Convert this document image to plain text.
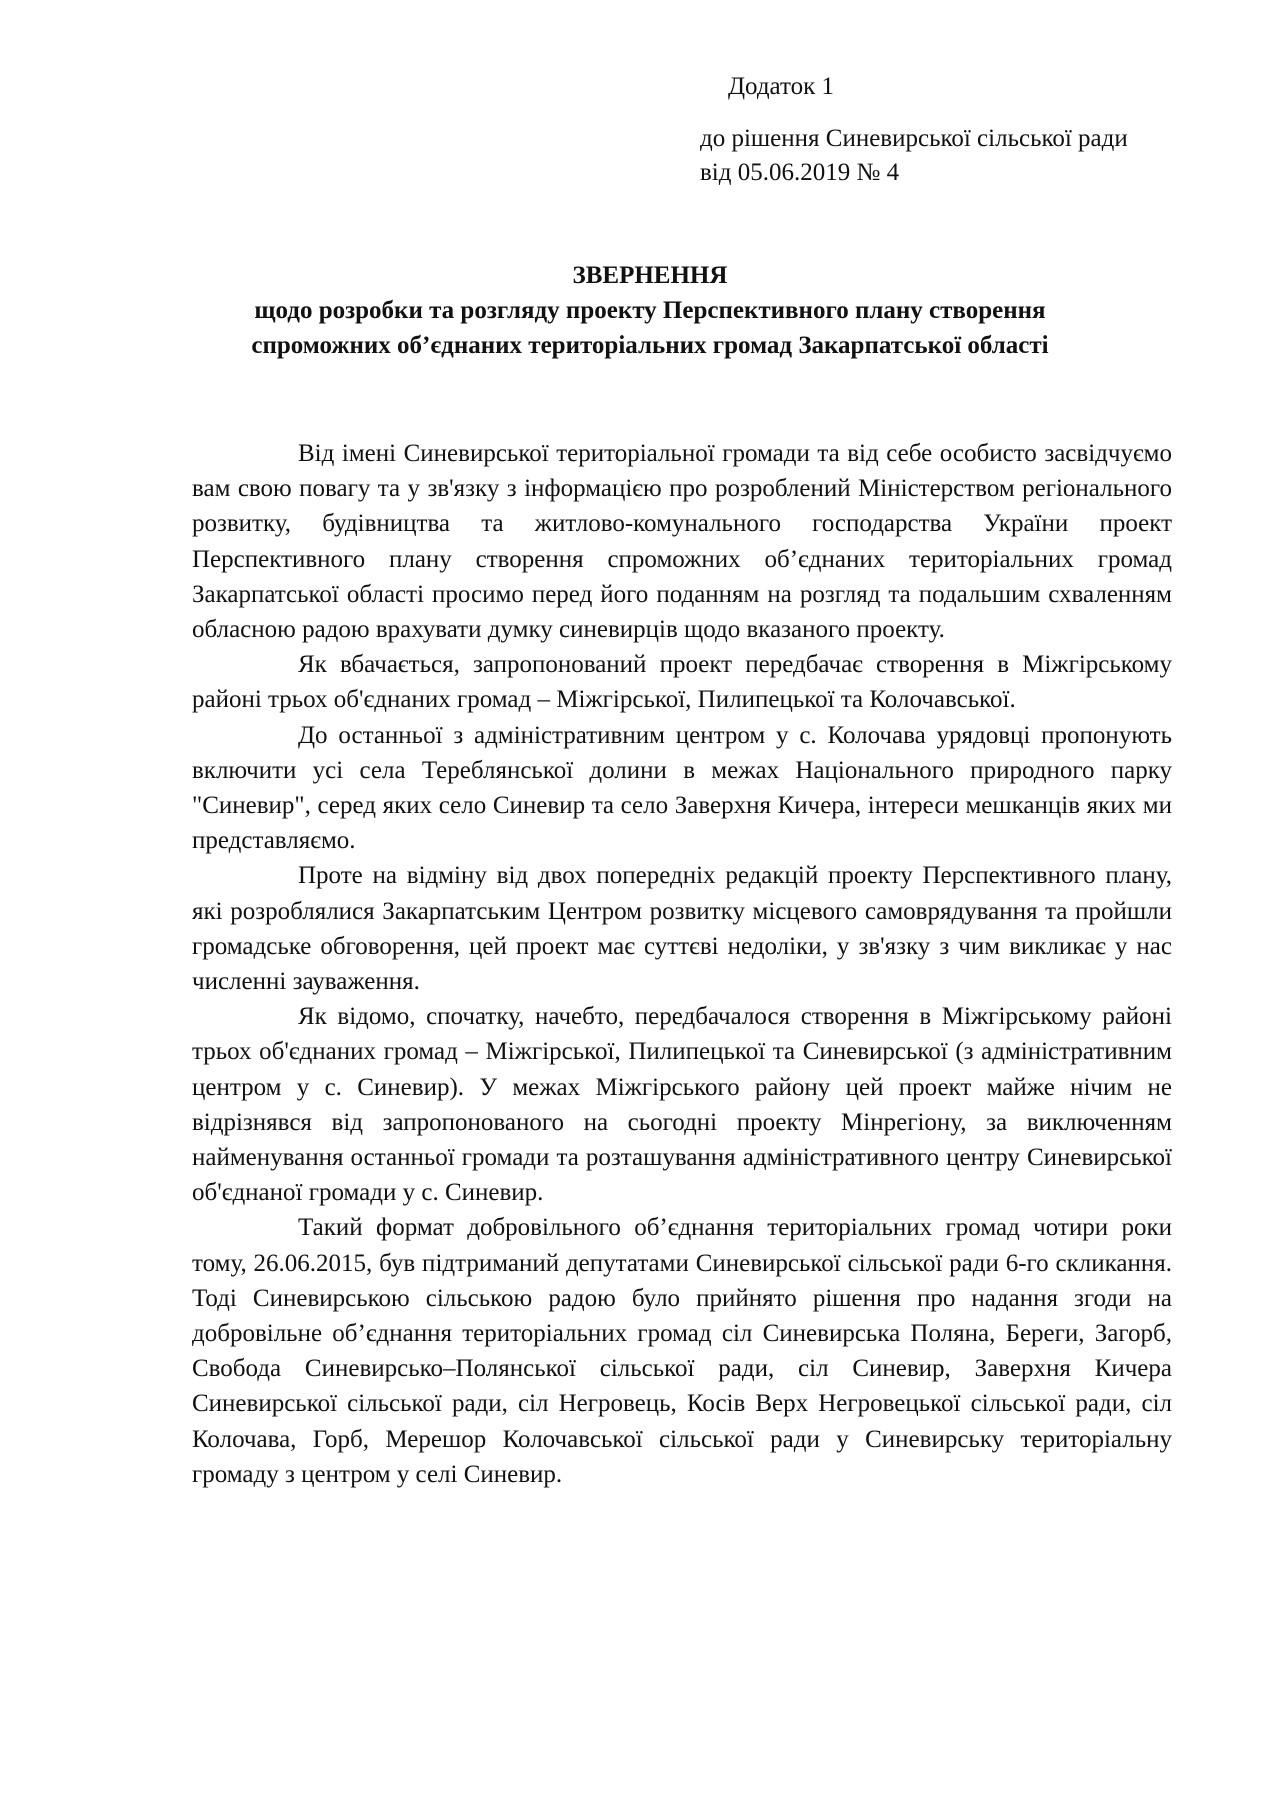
Додаток 1

до рішення Синевирської сільської ради

від 05.06.2019 № 4

ЗВЕРНЕННЯ

щодо розробки та розгляду проекту Перспективного плану створення

спроможних об’єднаних територіальних громад Закарпатської області

Від імені Синевирської територіальної громади та від себе особисто засвідчуємо вам свою повагу та у зв'язку з інформацією про розроблений Міністерством регіонального розвитку, будівництва та житлово-комунального господарства України проект Перспективного плану створення спроможних об’єднаних територіальних громад Закарпатської області просимо перед його поданням на розгляд та подальшим схваленням обласною радою врахувати думку синевирців щодо вказаного проекту.

Як вбачається, запропонований проект передбачає створення в Міжгірському районі трьох об'єднаних громад – Міжгірської, Пилипецької та Колочавської.

До останньої з адміністративним центром у с. Колочава урядовці пропонують включити усі села Тереблянської долини в межах Національного природного парку "Синевир", серед яких село Синевир та село Заверхня Кичера, інтереси мешканців яких ми представляємо.

Проте на відміну від двох попередніх редакцій проекту Перспективного плану, які розроблялися Закарпатським Центром розвитку місцевого самоврядування та пройшли громадське обговорення, цей проект має суттєві недоліки, у зв'язку з чим викликає у нас численні зауваження.

Як відомо, спочатку, начебто, передбачалося створення в Міжгірському районі трьох об'єднаних громад – Міжгірської, Пилипецької та Синевирської (з адміністративним центром у с. Синевир). У межах Міжгірського району цей проект майже нічим не відрізнявся від запропонованого на сьогодні проекту Мінрегіону, за виключенням найменування останньої громади та розташування адміністративного центру Синевирської об'єднаної громади у с. Синевир.

Такий формат добровільного об’єднання територіальних громад чотири роки тому, 26.06.2015, був підтриманий депутатами Синевирської сільської ради 6-го скликання. Тоді Синевирською сільською радою було прийнято рішення про надання згоди на добровільне об’єднання територіальних громад сіл Синевирська Поляна, Береги, Загорб, Свобода Синевирсько–Полянської сільської ради, сіл Синевир, Заверхня Кичера Синевирської сільської ради, сіл Негровець, Косів Верх Негровецької сільської ради, сіл Колочава, Горб, Мерешор Колочавської сільської ради у Синевирську територіальну громаду з центром у селі Синевир.
